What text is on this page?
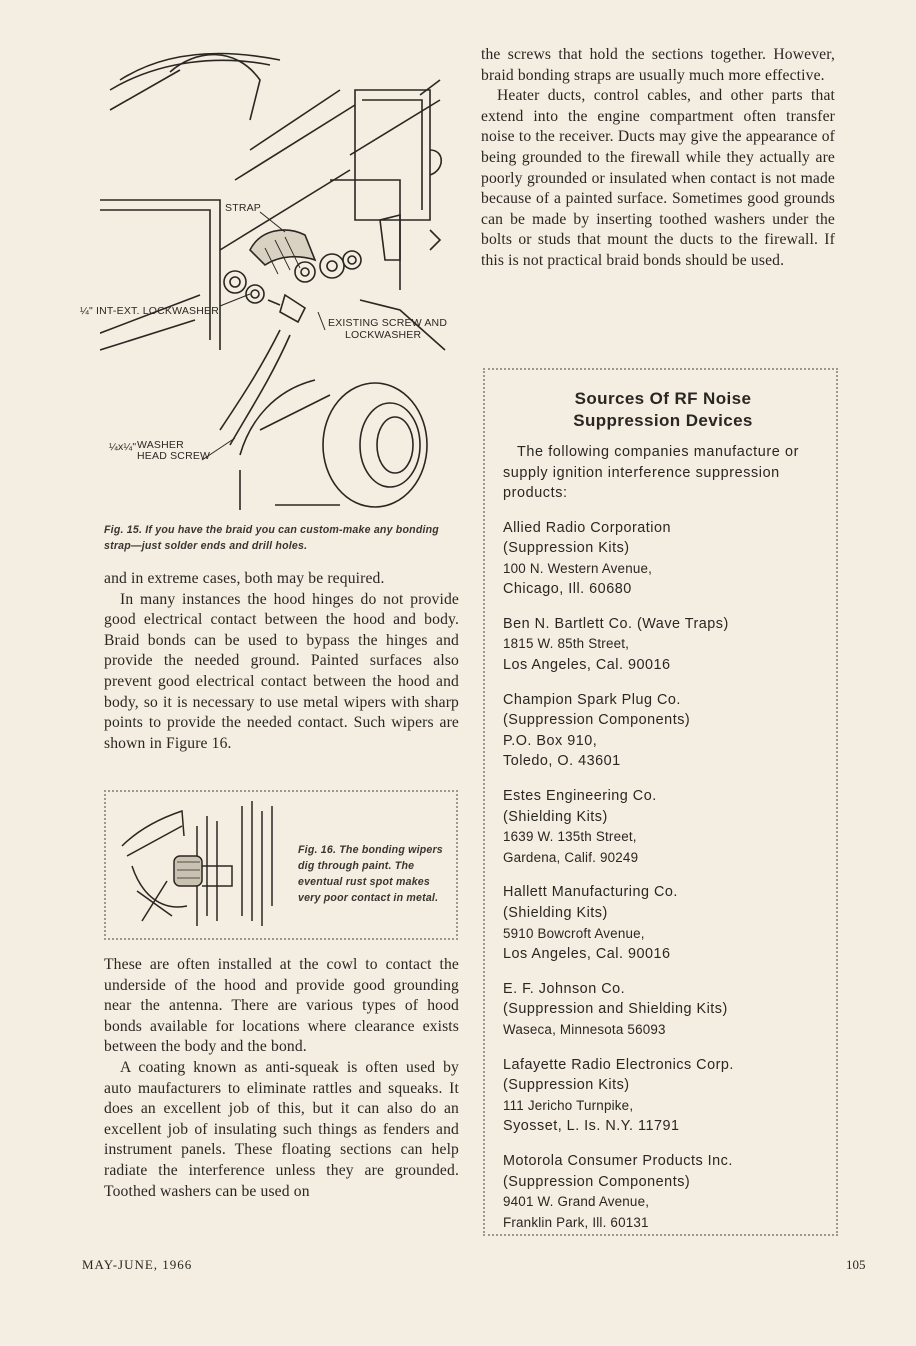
STRAP
¼" INT-EXT. LOCKWASHER
EXISTING SCREW AND
LOCKWASHER
¼x¼" WASHER
HEAD SCREW

Fig. 15. If you have the braid you can custom-make any bonding strap—just solder ends and drill holes.

and in extreme cases, both may be required.

In many instances the hood hinges do not provide good electrical contact between the hood and body. Braid bonds can be used to bypass the hinges and provide the needed ground. Painted surfaces also prevent good electrical contact between the hood and body, so it is necessary to use metal wipers with sharp points to provide the needed contact. Such wipers are shown in Figure 16.

Fig. 16. The bonding wipers dig through paint. The eventual rust spot makes very poor contact in metal.

These are often installed at the cowl to contact the underside of the hood and provide good grounding near the antenna. There are various types of hood bonds available for locations where clearance exists between the body and the bond.

A coating known as anti-squeak is often used by auto maufacturers to eliminate rattles and squeaks. It does an excellent job of this, but it can also do an excellent job of insulating such things as fenders and instrument panels. These floating sections can help radiate the interference unless they are grounded. Toothed washers can be used on

the screws that hold the sections together. However, braid bonding straps are usually much more effective.

Heater ducts, control cables, and other parts that extend into the engine compartment often transfer noise to the receiver. Ducts may give the appearance of being grounded to the firewall while they actually are poorly grounded or insulated when contact is not made because of a painted surface. Sometimes good grounds can be made by inserting toothed washers under the bolts or studs that mount the ducts to the firewall. If this is not practical braid bonds should be used.

Sources Of RF Noise

Suppression Devices

The following companies manufacture or supply ignition interference suppression products:

Allied Radio Corporation
(Suppression Kits)
100 N. Western Avenue,
Chicago, Ill. 60680
Ben N. Bartlett Co. (Wave Traps)
1815 W. 85th Street,
Los Angeles, Cal. 90016
Champion Spark Plug Co.
(Suppression Components)
P.O. Box 910,
Toledo, O. 43601
Estes Engineering Co.
(Shielding Kits)
1639 W. 135th Street,
Gardena, Calif. 90249
Hallett Manufacturing Co.
(Shielding Kits)
5910 Bowcroft Avenue,
Los Angeles, Cal. 90016
E. F. Johnson Co.
(Suppression and Shielding Kits)
Waseca, Minnesota 56093
Lafayette Radio Electronics Corp.
(Suppression Kits)
111 Jericho Turnpike,
Syosset, L. Is. N.Y. 11791
Motorola Consumer Products Inc.
(Suppression Components)
9401 W. Grand Avenue,
Franklin Park, Ill. 60131
MAY-JUNE, 1966	105
